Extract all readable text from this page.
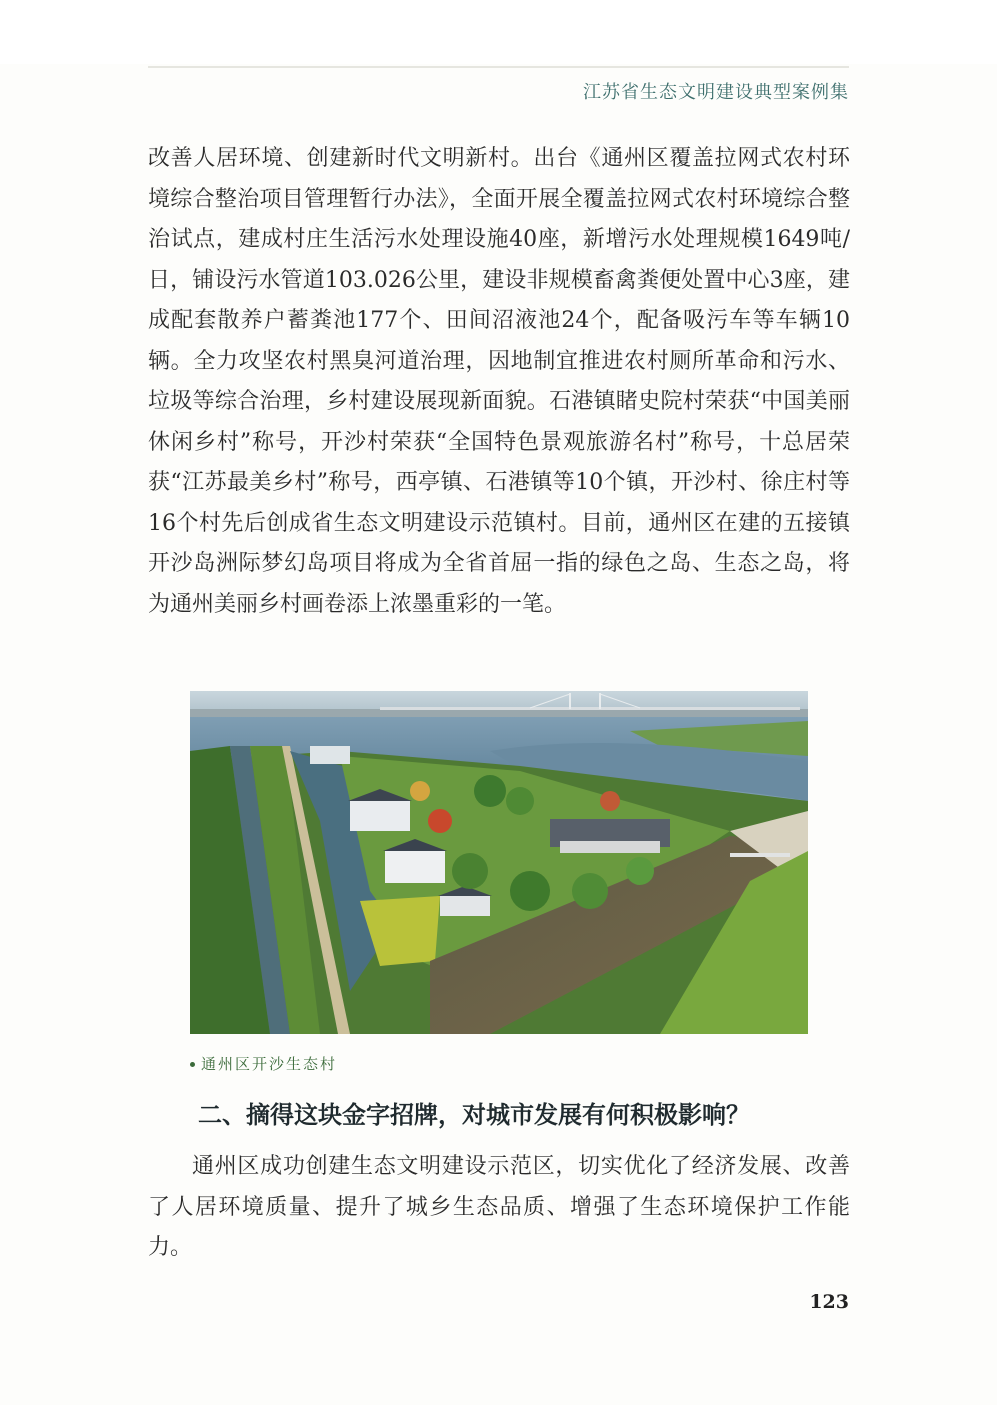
江苏省生态文明建设典型案例集

改善人居环境、创建新时代文明新村。出台《通州区覆盖拉网式农村环境综合整治项目管理暂行办法》，全面开展全覆盖拉网式农村环境综合整治试点，建成村庄生活污水处理设施40座，新增污水处理规模1649吨/日，铺设污水管道103.026公里，建设非规模畜禽粪便处置中心3座，建成配套散养户蓄粪池177个、田间沼液池24个，配备吸污车等车辆10辆。全力攻坚农村黑臭河道治理，因地制宜推进农村厕所革命和污水、垃圾等综合治理，乡村建设展现新面貌。石港镇睹史院村荣获“中国美丽休闲乡村”称号，开沙村荣获“全国特色景观旅游名村”称号，十总居荣获“江苏最美乡村”称号，西亭镇、石港镇等10个镇，开沙村、徐庄村等16个村先后创成省生态文明建设示范镇村。目前，通州区在建的五接镇开沙岛洲际梦幻岛项目将成为全省首屈一指的绿色之岛、生态之岛，将为通州美丽乡村画卷添上浓墨重彩的一笔。

通州区开沙生态村
二、摘得这块金字招牌，对城市发展有何积极影响？

通州区成功创建生态文明建设示范区，切实优化了经济发展、改善了人居环境质量、提升了城乡生态品质、增强了生态环境保护工作能力。

123
